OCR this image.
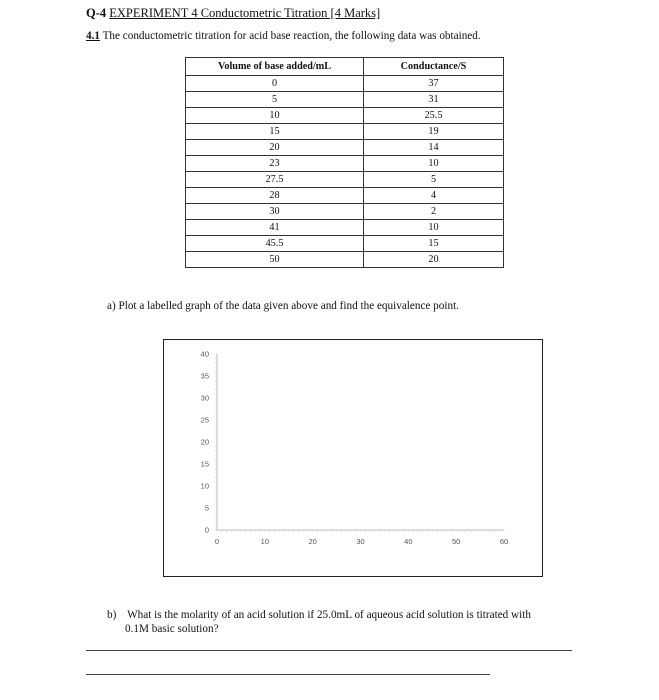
Q-4 EXPERIMENT 4 Conductometric Titration [4 Marks]
4.1 The conductometric titration for acid base reaction, the following data was obtained.
Volume of base added/mL	Conductance/S
0	37
5	31
10	25.5
15	19
20	14
23	10
27.5	5
28	4
30	2
41	10
45.5	15
50	20
a) Plot a labelled graph of the data given above and find the equivalence point.
0
5
10
15
20
25
30
35
40
0	10	20	30	40	50	60
b) What is the molarity of an acid solution if 25.0mL of aqueous acid solution is titrated with
0.1M basic solution?
